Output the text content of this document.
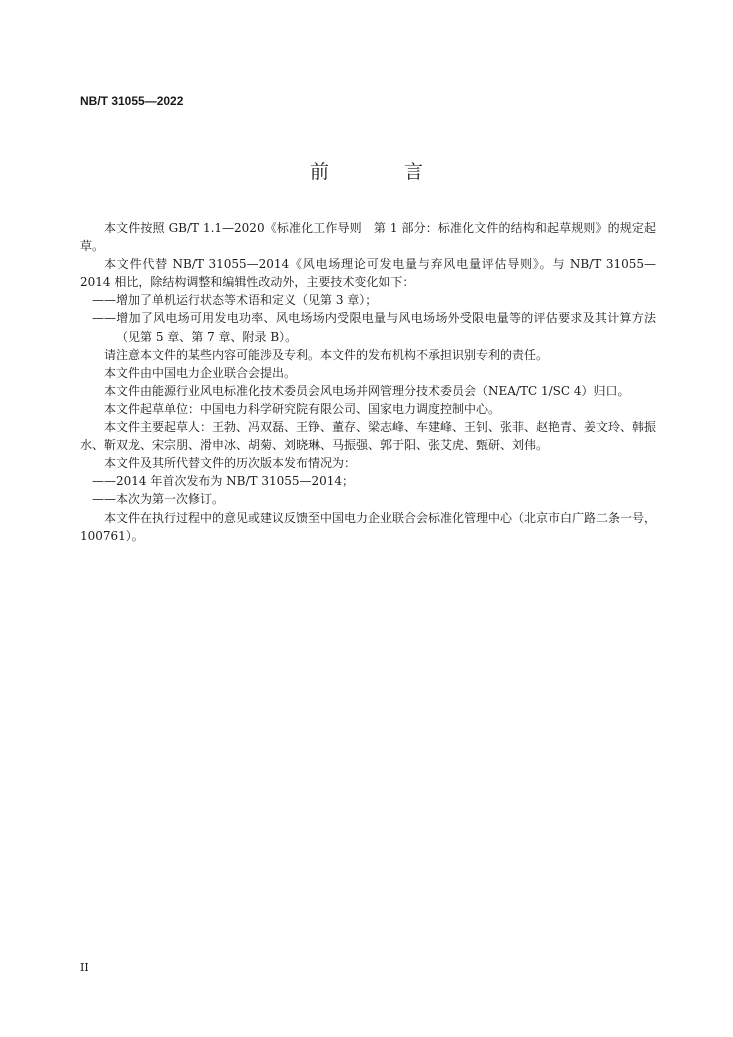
NB/T 31055—2022
前　言

本文件按照 GB/T 1.1—2020《标准化工作导则　第 1 部分：标准化文件的结构和起草规则》的规定起草。

本文件代替 NB/T 31055—2014《风电场理论可发电量与弃风电量评估导则》。与 NB/T 31055—2014 相比，除结构调整和编辑性改动外，主要技术变化如下：

——增加了单机运行状态等术语和定义（见第 3 章）；

——增加了风电场可用发电功率、风电场场内受限电量与风电场场外受限电量等的评估要求及其计算方法（见第 5 章、第 7 章、附录 B）。

请注意本文件的某些内容可能涉及专利。本文件的发布机构不承担识别专利的责任。

本文件由中国电力企业联合会提出。

本文件由能源行业风电标准化技术委员会风电场并网管理分技术委员会（NEA/TC 1/SC 4）归口。

本文件起草单位：中国电力科学研究院有限公司、国家电力调度控制中心。

本文件主要起草人：王勃、冯双磊、王铮、董存、梁志峰、车建峰、王钊、张菲、赵艳青、姜文玲、韩振水、靳双龙、宋宗朋、滑申冰、胡菊、刘晓琳、马振强、郭于阳、张艾虎、甄研、刘伟。

本文件及其所代替文件的历次版本发布情况为：

——2014 年首次发布为 NB/T 31055—2014；

——本次为第一次修订。

本文件在执行过程中的意见或建议反馈至中国电力企业联合会标准化管理中心（北京市白广路二条一号，100761）。

II
